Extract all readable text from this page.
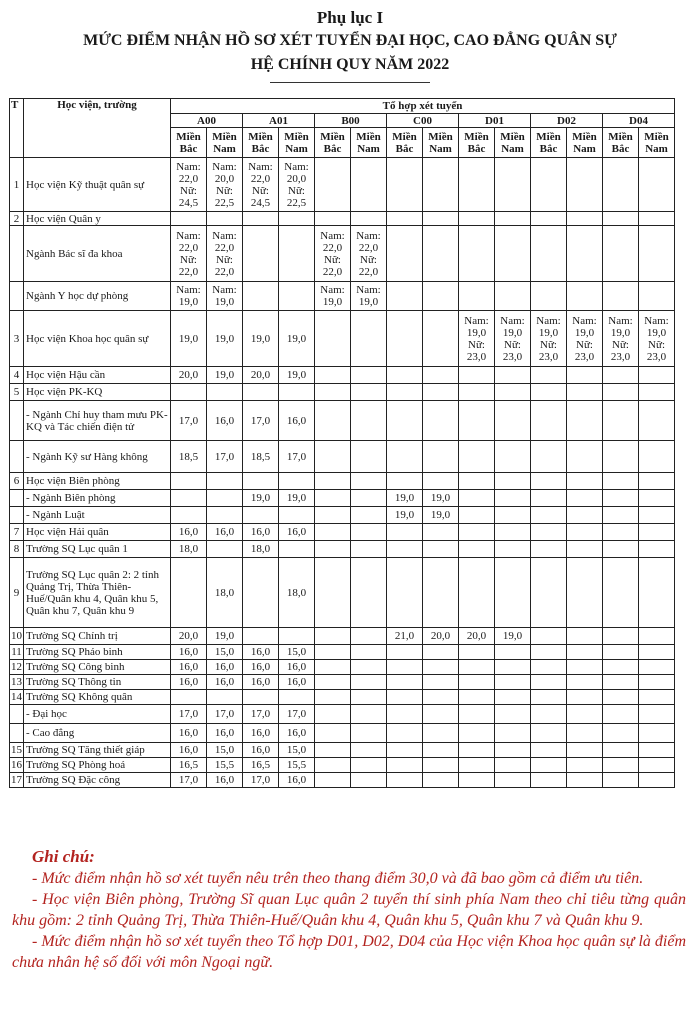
Phụ lục I
MỨC ĐIỂM NHẬN HỒ SƠ XÉT TUYỂN ĐẠI HỌC, CAO ĐẲNG QUÂN SỰ
HỆ CHÍNH QUY NĂM 2022
T	Học viện, trường	Tổ hợp xét tuyển													
		A00		A01		B00		C00		D01		D02		D04	
		Miền Bắc	Miền Nam	Miền Bắc	Miền Nam	Miền Bắc	Miền Nam	Miền Bắc	Miền Nam	Miền Bắc	Miền Nam	Miền Bắc	Miền Nam	Miền Bắc	Miền Nam
1	Học viện Kỹ thuật quân sự	Nam: 22,0 Nữ: 24,5	Nam: 20,0 Nữ: 22,5	Nam: 22,0 Nữ: 24,5	Nam: 20,0 Nữ: 22,5										
2	Học viện Quân y														
	Ngành Bác sĩ đa khoa	Nam: 22,0 Nữ: 22,0	Nam: 22,0 Nữ: 22,0			Nam: 22,0 Nữ: 22,0	Nam: 22,0 Nữ: 22,0								
	Ngành Y học dự phòng	Nam: 19,0	Nam: 19,0			Nam: 19,0	Nam: 19,0								
3	Học viện Khoa học quân sự	19,0	19,0	19,0	19,0					Nam: 19,0 Nữ: 23,0	Nam: 19,0 Nữ: 23,0	Nam: 19,0 Nữ: 23,0	Nam: 19,0 Nữ: 23,0	Nam: 19,0 Nữ: 23,0	Nam: 19,0 Nữ: 23,0
4	Học viện Hậu cần	20,0	19,0	20,0	19,0										
5	Học viện PK-KQ														
	- Ngành Chỉ huy tham mưu PK-KQ và Tác chiến điện tử	17,0	16,0	17,0	16,0										
	- Ngành Kỹ sư Hàng không	18,5	17,0	18,5	17,0										
6	Học viện Biên phòng														
	- Ngành Biên phòng			19,0	19,0			19,0	19,0						
	- Ngành Luật							19,0	19,0						
7	Học viện Hải quân	16,0	16,0	16,0	16,0										
8	Trường SQ Lục quân 1	18,0		18,0											
9	Trường SQ Lục quân 2: 2 tỉnh Quảng Trị, Thừa Thiên-Huế/Quân khu 4, Quân khu 5, Quân khu 7, Quân khu 9		18,0		18,0										
10	Trường SQ Chính trị	20,0	19,0					21,0	20,0	20,0	19,0				
11	Trường SQ Pháo binh	16,0	15,0	16,0	15,0										
12	Trường SQ Công binh	16,0	16,0	16,0	16,0										
13	Trường SQ Thông tin	16,0	16,0	16,0	16,0										
14	Trường SQ Không quân														
	- Đại học	17,0	17,0	17,0	17,0										
	- Cao đẳng	16,0	16,0	16,0	16,0										
15	Trường SQ Tăng thiết giáp	16,0	15,0	16,0	15,0										
16	Trường SQ Phòng hoá	16,5	15,5	16,5	15,5										
17	Trường SQ Đặc công	17,0	16,0	17,0	16,0										
Ghi chú:

- Mức điểm nhận hồ sơ xét tuyển nêu trên theo thang điểm 30,0 và đã bao gồm cả điểm ưu tiên.

- Học viện Biên phòng, Trường Sĩ quan Lục quân 2 tuyển thí sinh phía Nam theo chỉ tiêu từng quân khu gồm: 2 tỉnh Quảng Trị, Thừa Thiên-Huế/Quân khu 4, Quân khu 5, Quân khu 7 và Quân khu 9.

- Mức điểm nhận hồ sơ xét tuyển theo Tổ hợp D01, D02, D04 của Học viện Khoa học quân sự là điểm chưa nhân hệ số đối với môn Ngoại ngữ.
